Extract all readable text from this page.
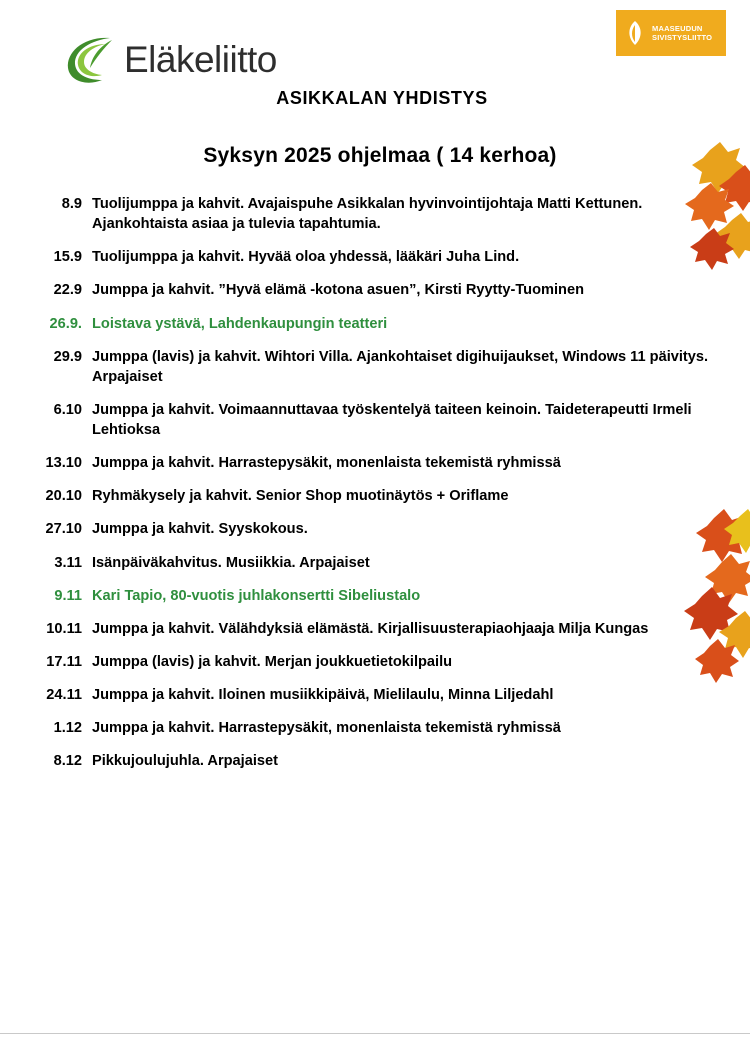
Eläkeliitto
MAASEUDUN
SIVISTYSLIITTO
ASIKKALAN YHDISTYS
Syksyn 2025 ohjelmaa ( 14 kerhoa)
8.9 Tuolijumppa ja kahvit. Avajaispuhe Asikkalan hyvinvointijohtaja Matti Kettunen. Ajankohtaista asiaa ja tulevia tapahtumia.
15.9 Tuolijumppa ja kahvit. Hyvää oloa yhdessä, lääkäri Juha Lind.
22.9 Jumppa ja kahvit. ”Hyvä elämä -kotona asuen”, Kirsti Ryytty-Tuominen
26.9. Loistava ystävä, Lahdenkaupungin teatteri
29.9 Jumppa (lavis) ja kahvit. Wihtori Villa. Ajankohtaiset digihuijaukset, Windows 11 päivitys. Arpajaiset
6.10 Jumppa ja kahvit. Voimaannuttavaa työskentelyä taiteen keinoin. Taideterapeutti Irmeli Lehtioksa
13.10 Jumppa ja kahvit. Harrastepysäkit, monenlaista tekemistä ryhmissä
20.10 Ryhmäkysely ja kahvit. Senior Shop muotinäytös + Oriflame
27.10 Jumppa ja kahvit. Syyskokous.
3.11 Isänpäiväkahvitus. Musiikkia. Arpajaiset
9.11 Kari Tapio, 80-vuotis juhlakonsertti Sibeliustalo
10.11 Jumppa ja kahvit. Välähdyksiä elämästä. Kirjallisuusterapiaohjaaja Milja Kungas
17.11 Jumppa (lavis) ja kahvit. Merjan joukkuetietokilpailu
24.11 Jumppa ja kahvit. Iloinen musiikkipäivä, Mielilaulu, Minna Liljedahl
1.12 Jumppa ja kahvit. Harrastepysäkit, monenlaista tekemistä ryhmissä
8.12 Pikkujoulujuhla. Arpajaiset
